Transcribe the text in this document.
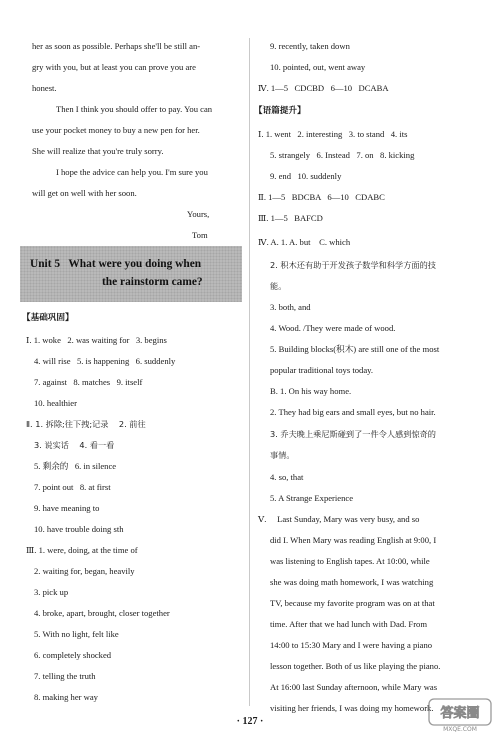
her as soon as possible. Perhaps she'll be still an-
gry with you, but at least you can prove you are
honest.
Then I think you should offer to pay. You can
use your pocket money to buy a new pen for her.
She will realize that you're truly sorry.
I hope the advice can help you. I'm sure you
will get on well with her soon.
Yours,
Tom
Unit 5   What were you doing when
the rainstorm came?
【基础巩固】
Ⅰ. 1. woke   2. was waiting for   3. begins
4. will rise   5. is happening   6. suddenly
7. against   8. matches   9. itself
10. healthier
Ⅱ. 1. 拆除;往下拽;记录    2. 前往
3. 说实话    4. 看一看
5. 剩余的   6. in silence
7. point out   8. at first
9. have meaning to
10. have trouble doing sth
Ⅲ. 1. were, doing, at the time of
2. waiting for, began, heavily
3. pick up
4. broke, apart, brought, closer together
5. With no light, felt like
6. completely shocked
7. telling the truth
8. making her way
9. recently, taken down
10. pointed, out, went away
Ⅳ. 1—5   CDCBD   6—10   DCABA
【语篇提升】
Ⅰ. 1. went   2. interesting   3. to stand   4. its
5. strangely   6. Instead   7. on   8. kicking
9. end   10. suddenly
Ⅱ. 1—5   BDCBA   6—10   CDABC
Ⅲ. 1—5   BAFCD
Ⅳ. A. 1. A. but    C. which
2. 积木还有助于开发孩子数学和科学方面的技
能。
3. both, and
4. Wood. /They were made of wood.
5. Building blocks(积木) are still one of the most
popular traditional toys today.
B. 1. On his way home.
2. They had big ears and small eyes, but no hair.
3. 乔夫晚上乘尼斯碰到了一件令人感到惊奇的
事情。
4. so, that
5. A Strange Experience
Ⅴ.     Last Sunday, Mary was very busy, and so
did I. When Mary was reading English at 9:00, I
was listening to English tapes. At 10:00, while
she was doing math homework, I was watching
TV, because my favorite program was on at that
time. After that we had lunch with Dad. From
14:00 to 15:30 Mary and I were having a piano
lesson together. Both of us like playing the piano.
At 16:00 last Sunday afternoon, while Mary was
visiting her friends, I was doing my homework.
· 127 ·
答案圈
MXQE.COM
